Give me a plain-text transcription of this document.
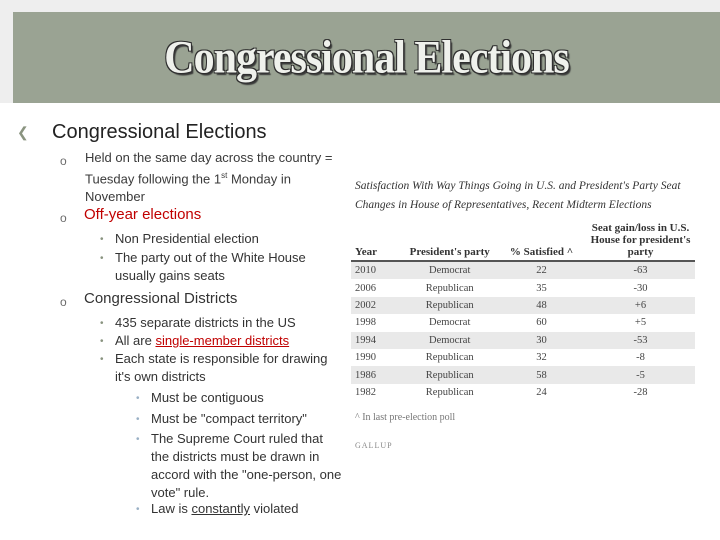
Congressional Elections
❮ Congressional Elections
o Held on the same day across the country =
Tuesday following the 1st Monday in
November
o Off-year elections
• Non Presidential election
• The party out of the White House
usually gains seats
o Congressional Districts
• 435 separate districts in the US
• All are single-member districts
• Each state is responsible for drawing
it's own districts
• Must be contiguous
• Must be "compact territory"
• The Supreme Court ruled that
the districts must be drawn in
accord with the "one-person, one
vote" rule.
• Law is constantly violated
Satisfaction With Way Things Going in U.S. and President's Party Seat
Changes in House of Representatives, Recent Midterm Elections
Year	President's party	% Satisfied ^	Seat gain/loss in U.S. House for president's party
2010	Democrat	22	-63
2006	Republican	35	-30
2002	Republican	48	+6
1998	Democrat	60	+5
1994	Democrat	30	-53
1990	Republican	32	-8
1986	Republican	58	-5
1982	Republican	24	-28
^ In last pre-election poll
GALLUP
